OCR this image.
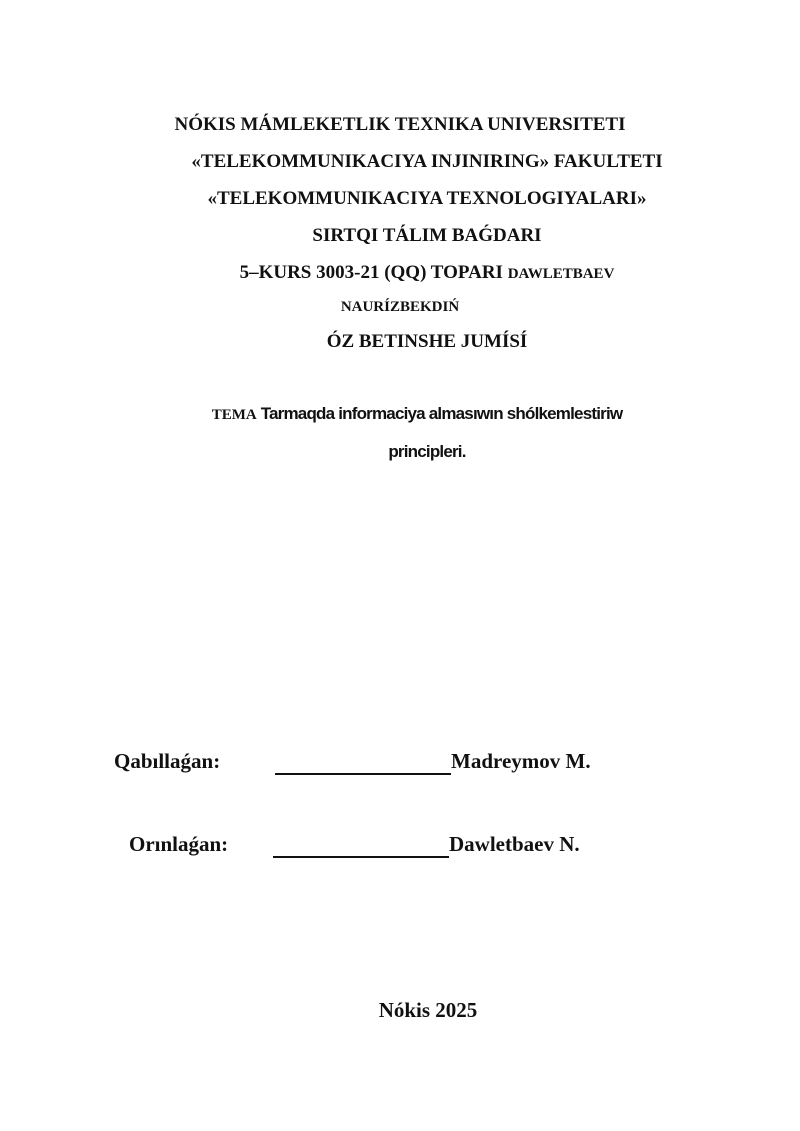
NÓKIS MÁMLEKETLIK TEXNIKA UNIVERSITETI
«TELEKOMMUNIKACIYA INJINIRING» FAKULTETI
«TELEKOMMUNIKACIYA TEXNOLOGIYALARI»
SIRTQI TÁLIM BAǴDARI
5–KURS 3003-21 (QQ) TOPARI DAWLETBAEV
NAURÍZBEKDIŃ
ÓZ BETINSHE JUMÍSÍ
TEMA Tarmaqda informaciya almasıwın shólkemlestiriw
principleri.
Qabıllaǵan:	Madreymov M.
Orınlaǵan:	Dawletbaev N.
Nókis 2025
